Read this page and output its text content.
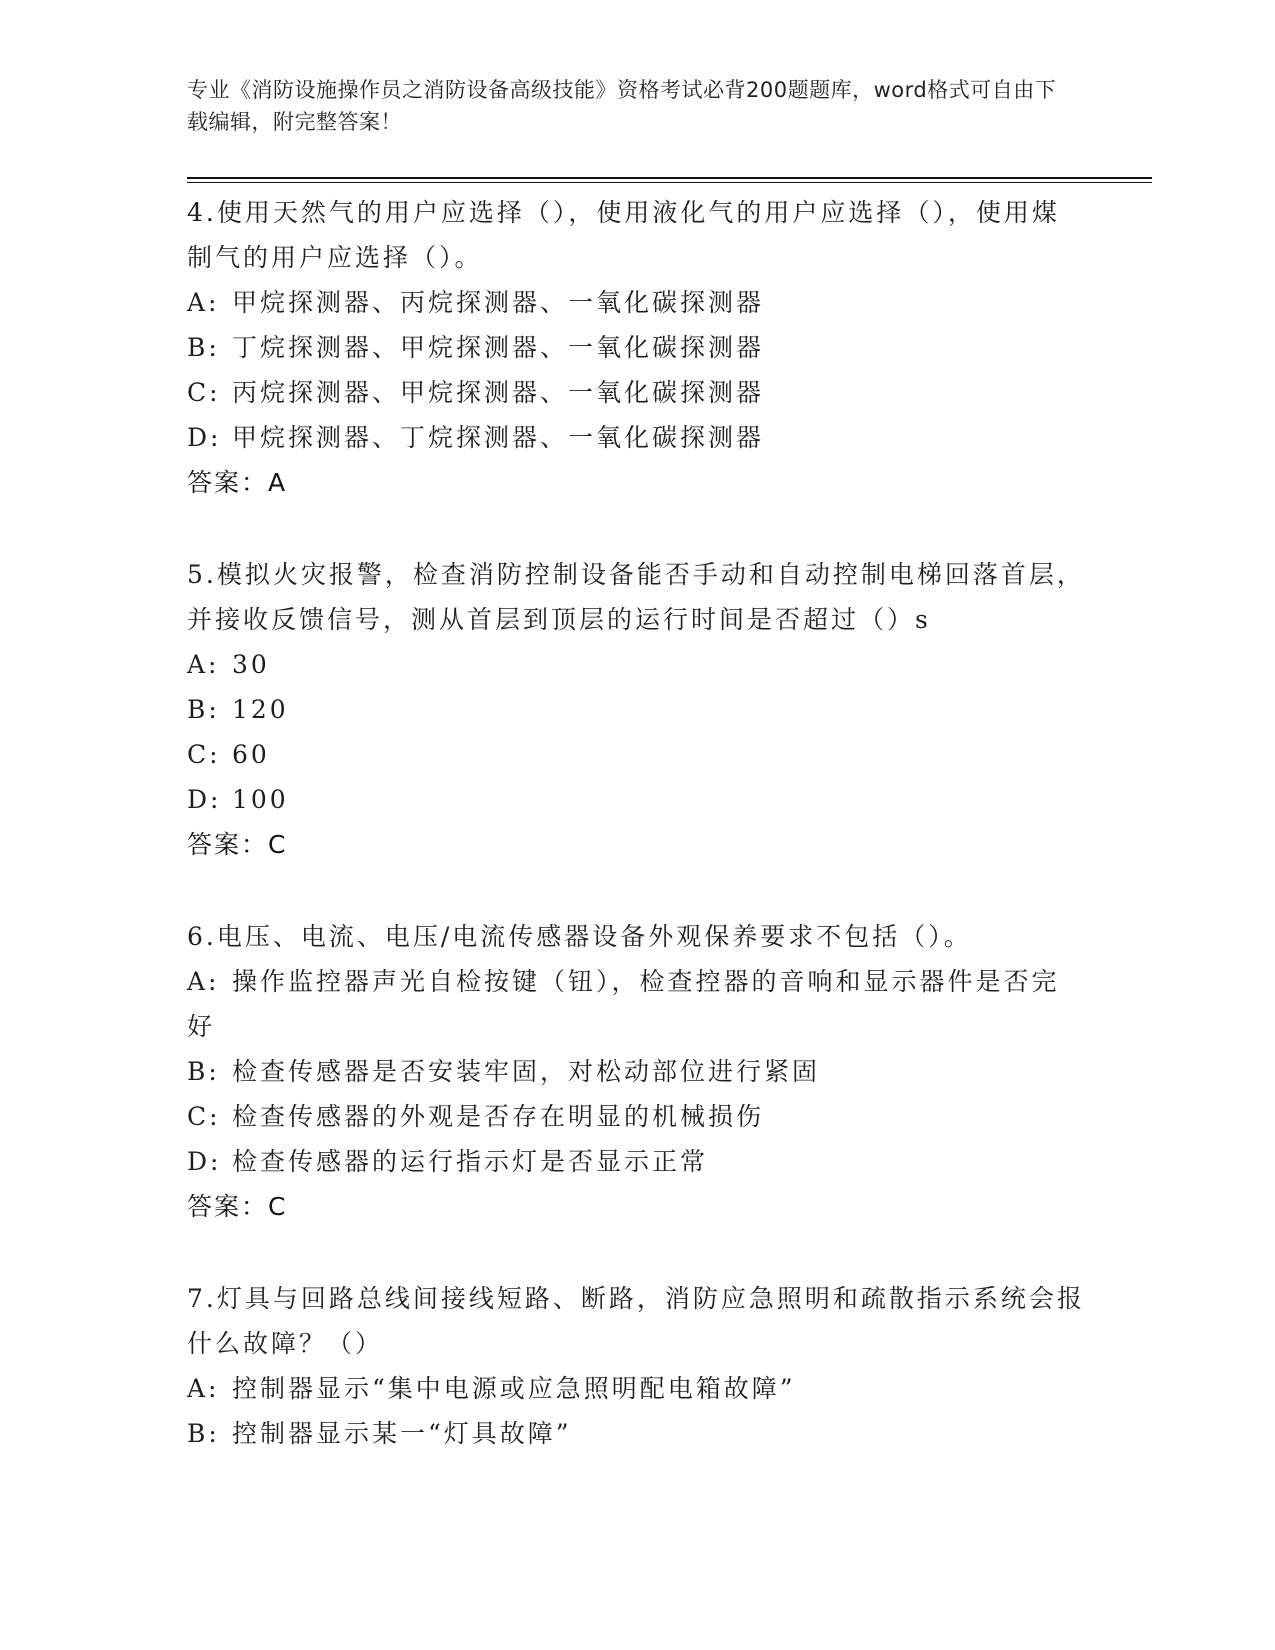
专业《消防设施操作员之消防设备高级技能》资格考试必背200题题库，word格式可自由下载编辑，附完整答案！
4.使用天然气的用户应选择（），使用液化气的用户应选择（），使用煤制气的用户应选择（）。
A: 甲烷探测器、丙烷探测器、一氧化碳探测器
B: 丁烷探测器、甲烷探测器、一氧化碳探测器
C: 丙烷探测器、甲烷探测器、一氧化碳探测器
D: 甲烷探测器、丁烷探测器、一氧化碳探测器
答案：A
5.模拟火灾报警，检查消防控制设备能否手动和自动控制电梯回落首层，并接收反馈信号，测从首层到顶层的运行时间是否超过（）s
A: 30
B: 120
C: 60
D: 100
答案：C
6.电压、电流、电压/电流传感器设备外观保养要求不包括（）。
A: 操作监控器声光自检按键（钮），检查控器的音响和显示器件是否完好
B: 检查传感器是否安装牢固，对松动部位进行紧固
C: 检查传感器的外观是否存在明显的机械损伤
D: 检查传感器的运行指示灯是否显示正常
答案：C
7.灯具与回路总线间接线短路、断路，消防应急照明和疏散指示系统会报什么故障？（）
A: 控制器显示“集中电源或应急照明配电箱故障”
B: 控制器显示某一“灯具故障”
